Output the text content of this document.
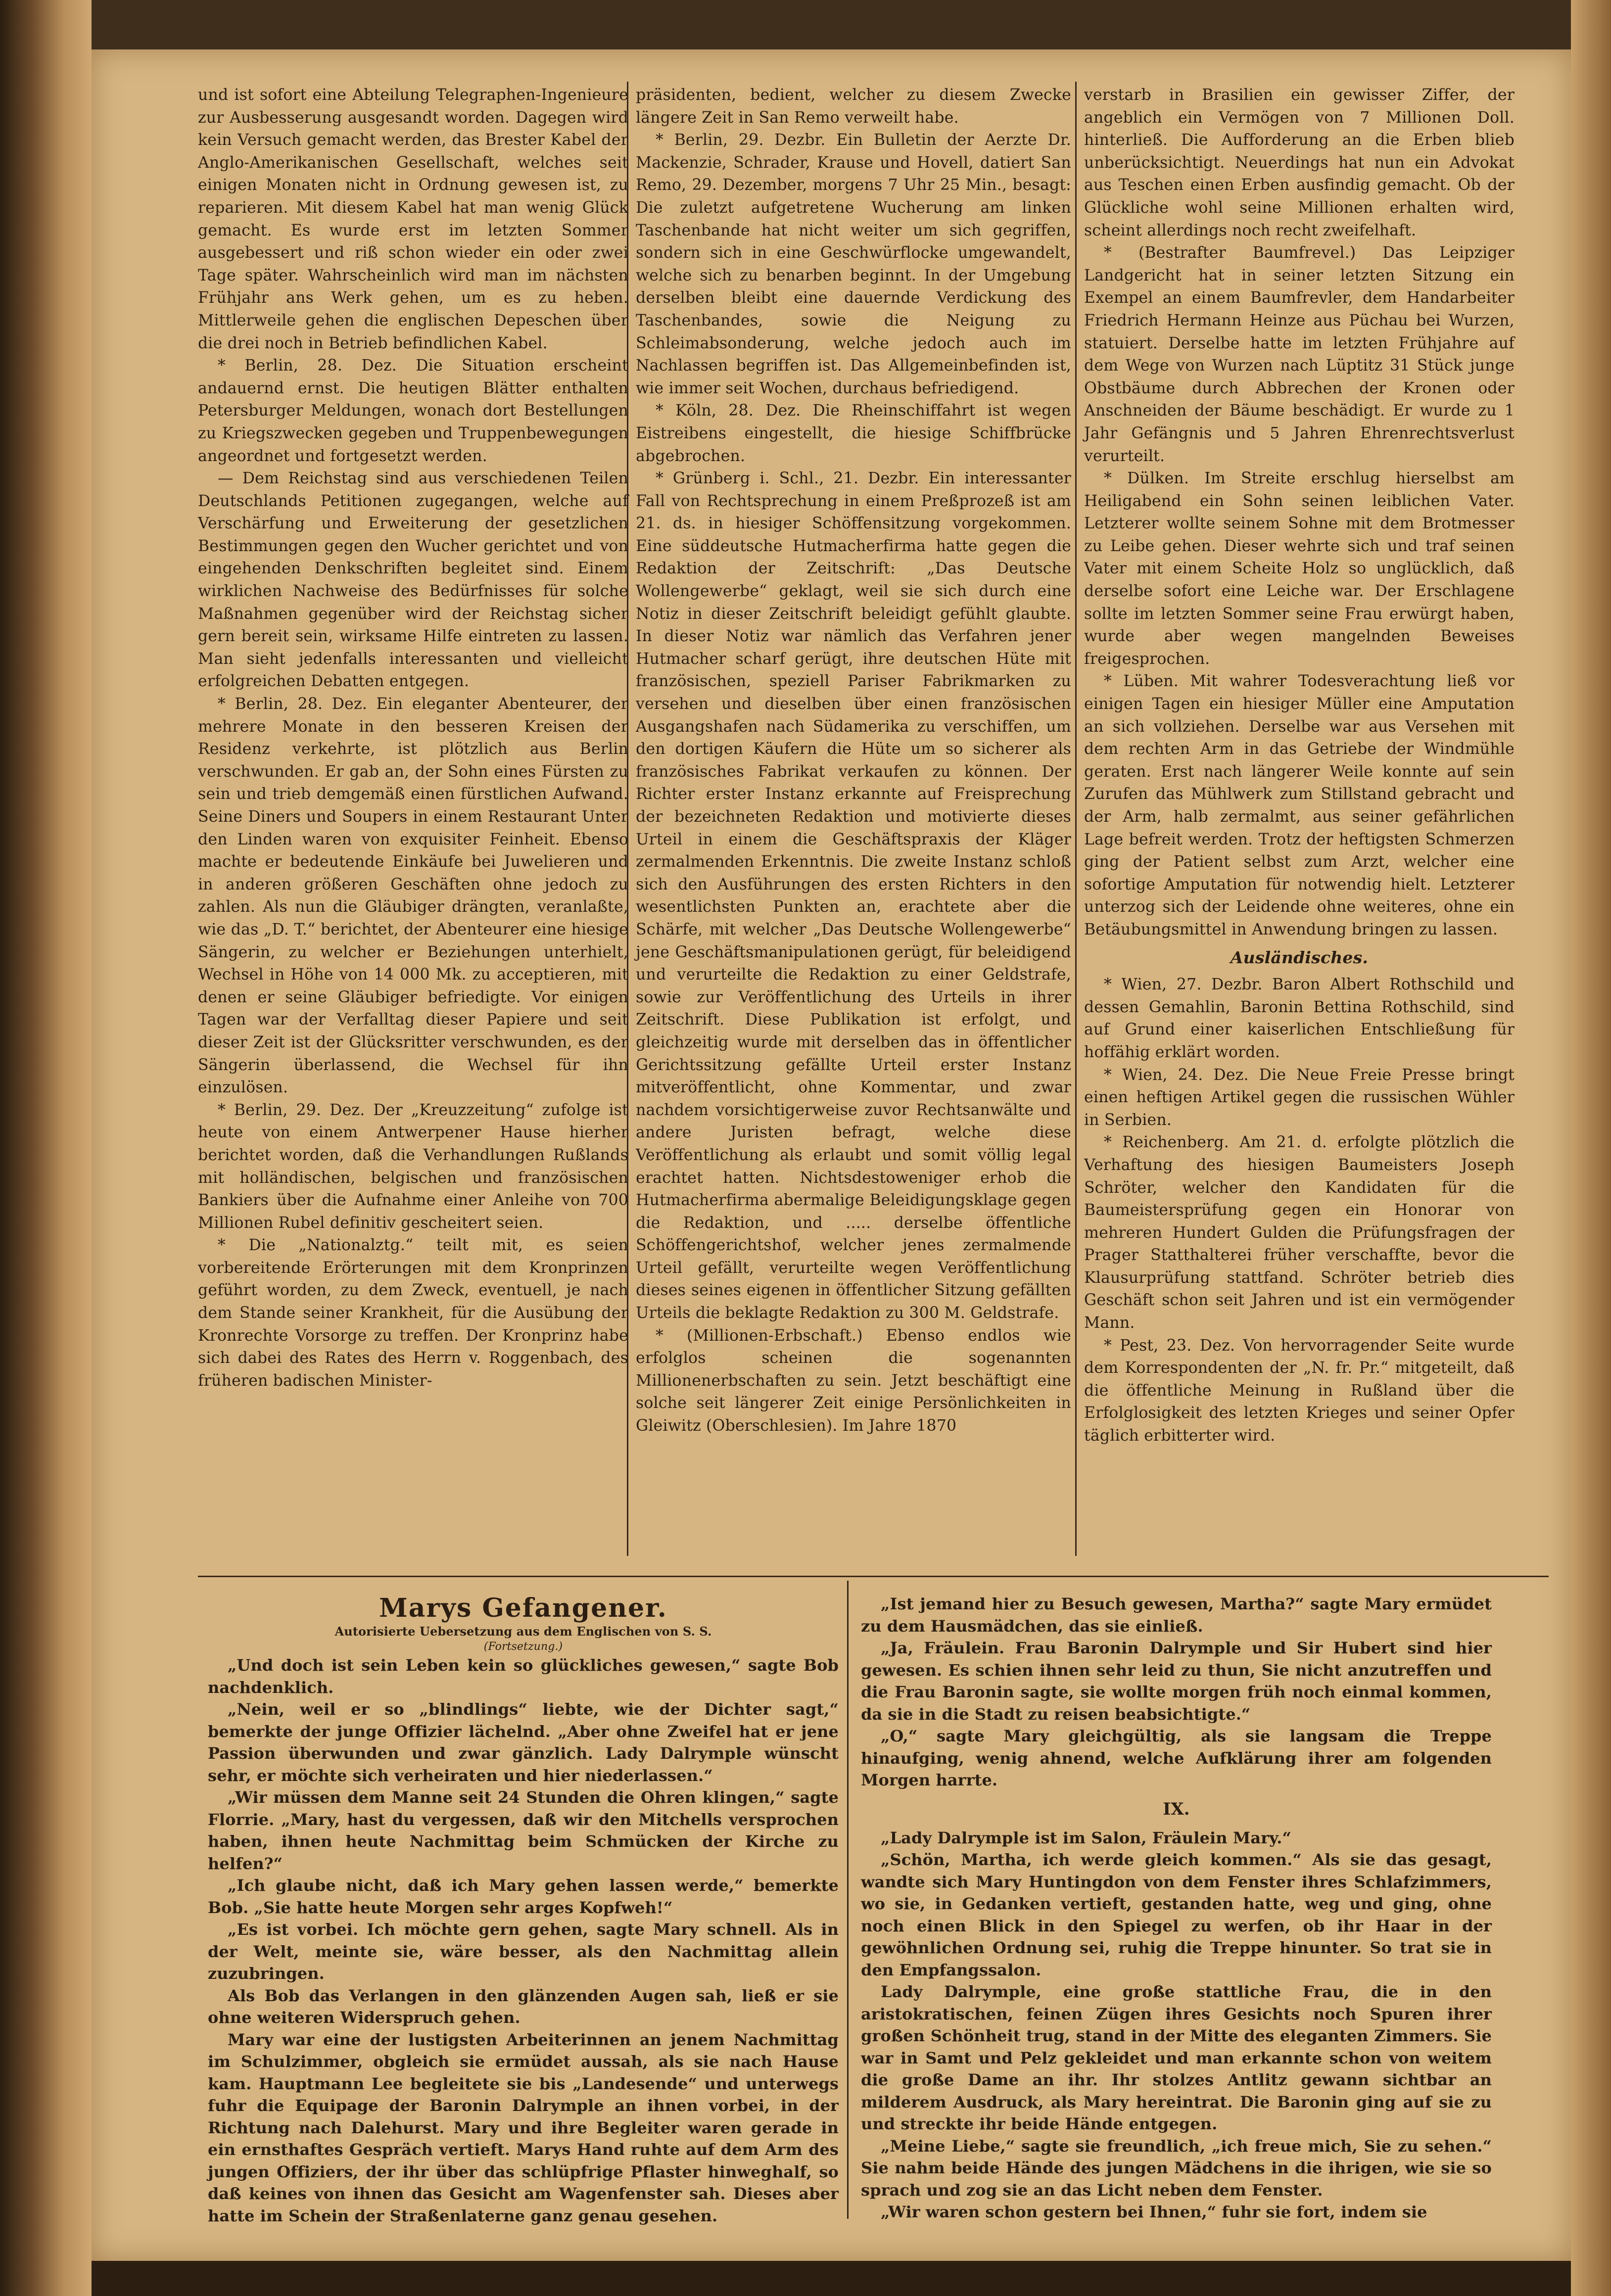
und ist sofort eine Abteilung Telegraphen-Ingenieure zur Ausbesserung ausgesandt worden. Dagegen wird kein Versuch gemacht werden, das Brester Kabel der Anglo-Amerikanischen Gesellschaft, welches seit einigen Monaten nicht in Ordnung gewesen ist, zu reparieren. Mit diesem Kabel hat man wenig Glück gemacht. Es wurde erst im letzten Sommer ausgebessert und riß schon wieder ein oder zwei Tage später. Wahrscheinlich wird man im nächsten Frühjahr ans Werk gehen, um es zu heben. Mittlerweile gehen die englischen Depeschen über die drei noch in Betrieb befindlichen Kabel.

* Berlin, 28. Dez. Die Situation erscheint andauernd ernst. Die heutigen Blätter enthalten Petersburger Meldungen, wonach dort Bestellungen zu Kriegszwecken gegeben und Truppenbewegungen angeordnet und fortgesetzt werden.

— Dem Reichstag sind aus verschiedenen Teilen Deutschlands Petitionen zugegangen, welche auf Verschärfung und Erweiterung der gesetzlichen Bestimmungen gegen den Wucher gerichtet und von eingehenden Denkschriften begleitet sind. Einem wirklichen Nachweise des Bedürfnisses für solche Maßnahmen gegenüber wird der Reichstag sicher gern bereit sein, wirksame Hilfe eintreten zu lassen. Man sieht jedenfalls interessanten und vielleicht erfolgreichen Debatten entgegen.

* Berlin, 28. Dez. Ein eleganter Abenteurer, der mehrere Monate in den besseren Kreisen der Residenz verkehrte, ist plötzlich aus Berlin verschwunden. Er gab an, der Sohn eines Fürsten zu sein und trieb demgemäß einen fürstlichen Aufwand. Seine Diners und Soupers in einem Restaurant Unter den Linden waren von exquisiter Feinheit. Ebenso machte er bedeutende Einkäufe bei Juwelieren und in anderen größeren Geschäften ohne jedoch zu zahlen. Als nun die Gläubiger drängten, veranlaßte, wie das „D. T.“ berichtet, der Abenteurer eine hiesige Sängerin, zu welcher er Beziehungen unterhielt, Wechsel in Höhe von 14 000 Mk. zu acceptieren, mit denen er seine Gläubiger befriedigte. Vor einigen Tagen war der Verfalltag dieser Papiere und seit dieser Zeit ist der Glücksritter verschwunden, es der Sängerin überlassend, die Wechsel für ihn einzulösen.

* Berlin, 29. Dez. Der „Kreuzzeitung“ zufolge ist heute von einem Antwerpener Hause hierher berichtet worden, daß die Verhandlungen Rußlands mit holländischen, belgischen und französischen Bankiers über die Aufnahme einer Anleihe von 700 Millionen Rubel definitiv gescheitert seien.

* Die „Nationalztg.“ teilt mit, es seien vorbereitende Erörterungen mit dem Kronprinzen geführt worden, zu dem Zweck, eventuell, je nach dem Stande seiner Krankheit, für die Ausübung der Kronrechte Vorsorge zu treffen. Der Kronprinz habe sich dabei des Rates des Herrn v. Roggenbach, des früheren badischen Minister-

präsidenten, bedient, welcher zu diesem Zwecke längere Zeit in San Remo verweilt habe.

* Berlin, 29. Dezbr. Ein Bulletin der Aerzte Dr. Mackenzie, Schrader, Krause und Hovell, datiert San Remo, 29. Dezember, morgens 7 Uhr 25 Min., besagt: Die zuletzt aufgetretene Wucherung am linken Taschenbande hat nicht weiter um sich gegriffen, sondern sich in eine Geschwürflocke umgewandelt, welche sich zu benarben beginnt. In der Umgebung derselben bleibt eine dauernde Verdickung des Taschenbandes, sowie die Neigung zu Schleimabsonderung, welche jedoch auch im Nachlassen begriffen ist. Das Allgemeinbefinden ist, wie immer seit Wochen, durchaus befriedigend.

* Köln, 28. Dez. Die Rheinschiffahrt ist wegen Eistreibens eingestellt, die hiesige Schiffbrücke abgebrochen.

* Grünberg i. Schl., 21. Dezbr. Ein interessanter Fall von Rechtsprechung in einem Preßprozeß ist am 21. ds. in hiesiger Schöffensitzung vorgekommen. Eine süddeutsche Hutmacherfirma hatte gegen die Redaktion der Zeitschrift: „Das Deutsche Wollengewerbe“ geklagt, weil sie sich durch eine Notiz in dieser Zeitschrift beleidigt gefühlt glaubte. In dieser Notiz war nämlich das Verfahren jener Hutmacher scharf gerügt, ihre deutschen Hüte mit französischen, speziell Pariser Fabrikmarken zu versehen und dieselben über einen französischen Ausgangshafen nach Südamerika zu verschiffen, um den dortigen Käufern die Hüte um so sicherer als französisches Fabrikat verkaufen zu können. Der Richter erster Instanz erkannte auf Freisprechung der bezeichneten Redaktion und motivierte dieses Urteil in einem die Geschäftspraxis der Kläger zermalmenden Erkenntnis. Die zweite Instanz schloß sich den Ausführungen des ersten Richters in den wesentlichsten Punkten an, erachtete aber die Schärfe, mit welcher „Das Deutsche Wollengewerbe“ jene Geschäftsmanipulationen gerügt, für beleidigend und verurteilte die Redaktion zu einer Geldstrafe, sowie zur Veröffentlichung des Urteils in ihrer Zeitschrift. Diese Publikation ist erfolgt, und gleichzeitig wurde mit derselben das in öffentlicher Gerichtssitzung gefällte Urteil erster Instanz mitveröffentlicht, ohne Kommentar, und zwar nachdem vorsichtigerweise zuvor Rechtsanwälte und andere Juristen befragt, welche diese Veröffentlichung als erlaubt und somit völlig legal erachtet hatten. Nichtsdestoweniger erhob die Hutmacherfirma abermalige Beleidigungsklage gegen die Redaktion, und ..... derselbe öffentliche Schöffengerichtshof, welcher jenes zermalmende Urteil gefällt, verurteilte wegen Veröffentlichung dieses seines eigenen in öffentlicher Sitzung gefällten Urteils die beklagte Redaktion zu 300 M. Geldstrafe.

* (Millionen-Erbschaft.) Ebenso endlos wie erfolglos scheinen die sogenannten Millionenerbschaften zu sein. Jetzt beschäftigt eine solche seit längerer Zeit einige Persönlichkeiten in Gleiwitz (Oberschlesien). Im Jahre 1870

verstarb in Brasilien ein gewisser Ziffer, der angeblich ein Vermögen von 7 Millionen Doll. hinterließ. Die Aufforderung an die Erben blieb unberücksichtigt. Neuerdings hat nun ein Advokat aus Teschen einen Erben ausfindig gemacht. Ob der Glückliche wohl seine Millionen erhalten wird, scheint allerdings noch recht zweifelhaft.

* (Bestrafter Baumfrevel.) Das Leipziger Landgericht hat in seiner letzten Sitzung ein Exempel an einem Baumfrevler, dem Handarbeiter Friedrich Hermann Heinze aus Püchau bei Wurzen, statuiert. Derselbe hatte im letzten Frühjahre auf dem Wege von Wurzen nach Lüptitz 31 Stück junge Obstbäume durch Abbrechen der Kronen oder Anschneiden der Bäume beschädigt. Er wurde zu 1 Jahr Gefängnis und 5 Jahren Ehrenrechtsverlust verurteilt.

* Dülken. Im Streite erschlug hierselbst am Heiligabend ein Sohn seinen leiblichen Vater. Letzterer wollte seinem Sohne mit dem Brotmesser zu Leibe gehen. Dieser wehrte sich und traf seinen Vater mit einem Scheite Holz so unglücklich, daß derselbe sofort eine Leiche war. Der Erschlagene sollte im letzten Sommer seine Frau erwürgt haben, wurde aber wegen mangelnden Beweises freigesprochen.

* Lüben. Mit wahrer Todesverachtung ließ vor einigen Tagen ein hiesiger Müller eine Amputation an sich vollziehen. Derselbe war aus Versehen mit dem rechten Arm in das Getriebe der Windmühle geraten. Erst nach längerer Weile konnte auf sein Zurufen das Mühlwerk zum Stillstand gebracht und der Arm, halb zermalmt, aus seiner gefährlichen Lage befreit werden. Trotz der heftigsten Schmerzen ging der Patient selbst zum Arzt, welcher eine sofortige Amputation für notwendig hielt. Letzterer unterzog sich der Leidende ohne weiteres, ohne ein Betäubungsmittel in Anwendung bringen zu lassen.

Ausländisches.

* Wien, 27. Dezbr. Baron Albert Rothschild und dessen Gemahlin, Baronin Bettina Rothschild, sind auf Grund einer kaiserlichen Entschließung für hoffähig erklärt worden.

* Wien, 24. Dez. Die Neue Freie Presse bringt einen heftigen Artikel gegen die russischen Wühler in Serbien.

* Reichenberg. Am 21. d. erfolgte plötzlich die Verhaftung des hiesigen Baumeisters Joseph Schröter, welcher den Kandidaten für die Baumeistersprüfung gegen ein Honorar von mehreren Hundert Gulden die Prüfungsfragen der Prager Statthalterei früher verschaffte, bevor die Klausurprüfung stattfand. Schröter betrieb dies Geschäft schon seit Jahren und ist ein vermögender Mann.

* Pest, 23. Dez. Von hervorragender Seite wurde dem Korrespondenten der „N. fr. Pr.“ mitgeteilt, daß die öffentliche Meinung in Rußland über die Erfolglosigkeit des letzten Krieges und seiner Opfer täglich erbitterter wird.

Marys Gefangener.
Autorisierte Uebersetzung aus dem Englischen von S. S.
(Fortsetzung.)

„Und doch ist sein Leben kein so glückliches gewesen,“ sagte Bob nachdenklich.

„Nein, weil er so „blindlings“ liebte, wie der Dichter sagt,“ bemerkte der junge Offizier lächelnd. „Aber ohne Zweifel hat er jene Passion überwunden und zwar gänzlich. Lady Dalrymple wünscht sehr, er möchte sich verheiraten und hier niederlassen.“

„Wir müssen dem Manne seit 24 Stunden die Ohren klingen,“ sagte Florrie. „Mary, hast du vergessen, daß wir den Mitchells versprochen haben, ihnen heute Nachmittag beim Schmücken der Kirche zu helfen?“

„Ich glaube nicht, daß ich Mary gehen lassen werde,“ bemerkte Bob. „Sie hatte heute Morgen sehr arges Kopfweh!“

„Es ist vorbei. Ich möchte gern gehen, sagte Mary schnell. Als in der Welt, meinte sie, wäre besser, als den Nachmittag allein zuzubringen.

Als Bob das Verlangen in den glänzenden Augen sah, ließ er sie ohne weiteren Widerspruch gehen.

Mary war eine der lustigsten Arbeiterinnen an jenem Nachmittag im Schulzimmer, obgleich sie ermüdet aussah, als sie nach Hause kam. Hauptmann Lee begleitete sie bis „Landesende“ und unterwegs fuhr die Equipage der Baronin Dalrymple an ihnen vorbei, in der Richtung nach Dalehurst. Mary und ihre Begleiter waren gerade in ein ernsthaftes Gespräch vertieft. Marys Hand ruhte auf dem Arm des jungen Offiziers, der ihr über das schlüpfrige Pflaster hinweghalf, so daß keines von ihnen das Gesicht am Wagenfenster sah. Dieses aber hatte im Schein der Straßenlaterne ganz genau gesehen.

„Ist jemand hier zu Besuch gewesen, Martha?“ sagte Mary ermüdet zu dem Hausmädchen, das sie einließ.

„Ja, Fräulein. Frau Baronin Dalrymple und Sir Hubert sind hier gewesen. Es schien ihnen sehr leid zu thun, Sie nicht anzutreffen und die Frau Baronin sagte, sie wollte morgen früh noch einmal kommen, da sie in die Stadt zu reisen beabsichtigte.“

„O,“ sagte Mary gleichgültig, als sie langsam die Treppe hinaufging, wenig ahnend, welche Aufklärung ihrer am folgenden Morgen harrte.

IX.

„Lady Dalrymple ist im Salon, Fräulein Mary.“

„Schön, Martha, ich werde gleich kommen.“ Als sie das gesagt, wandte sich Mary Huntingdon von dem Fenster ihres Schlafzimmers, wo sie, in Gedanken vertieft, gestanden hatte, weg und ging, ohne noch einen Blick in den Spiegel zu werfen, ob ihr Haar in der gewöhnlichen Ordnung sei, ruhig die Treppe hinunter. So trat sie in den Empfangssalon.

Lady Dalrymple, eine große stattliche Frau, die in den aristokratischen, feinen Zügen ihres Gesichts noch Spuren ihrer großen Schönheit trug, stand in der Mitte des eleganten Zimmers. Sie war in Samt und Pelz gekleidet und man erkannte schon von weitem die große Dame an ihr. Ihr stolzes Antlitz gewann sichtbar an milderem Ausdruck, als Mary hereintrat. Die Baronin ging auf sie zu und streckte ihr beide Hände entgegen.

„Meine Liebe,“ sagte sie freundlich, „ich freue mich, Sie zu sehen.“ Sie nahm beide Hände des jungen Mädchens in die ihrigen, wie sie so sprach und zog sie an das Licht neben dem Fenster.

„Wir waren schon gestern bei Ihnen,“ fuhr sie fort, indem sie
